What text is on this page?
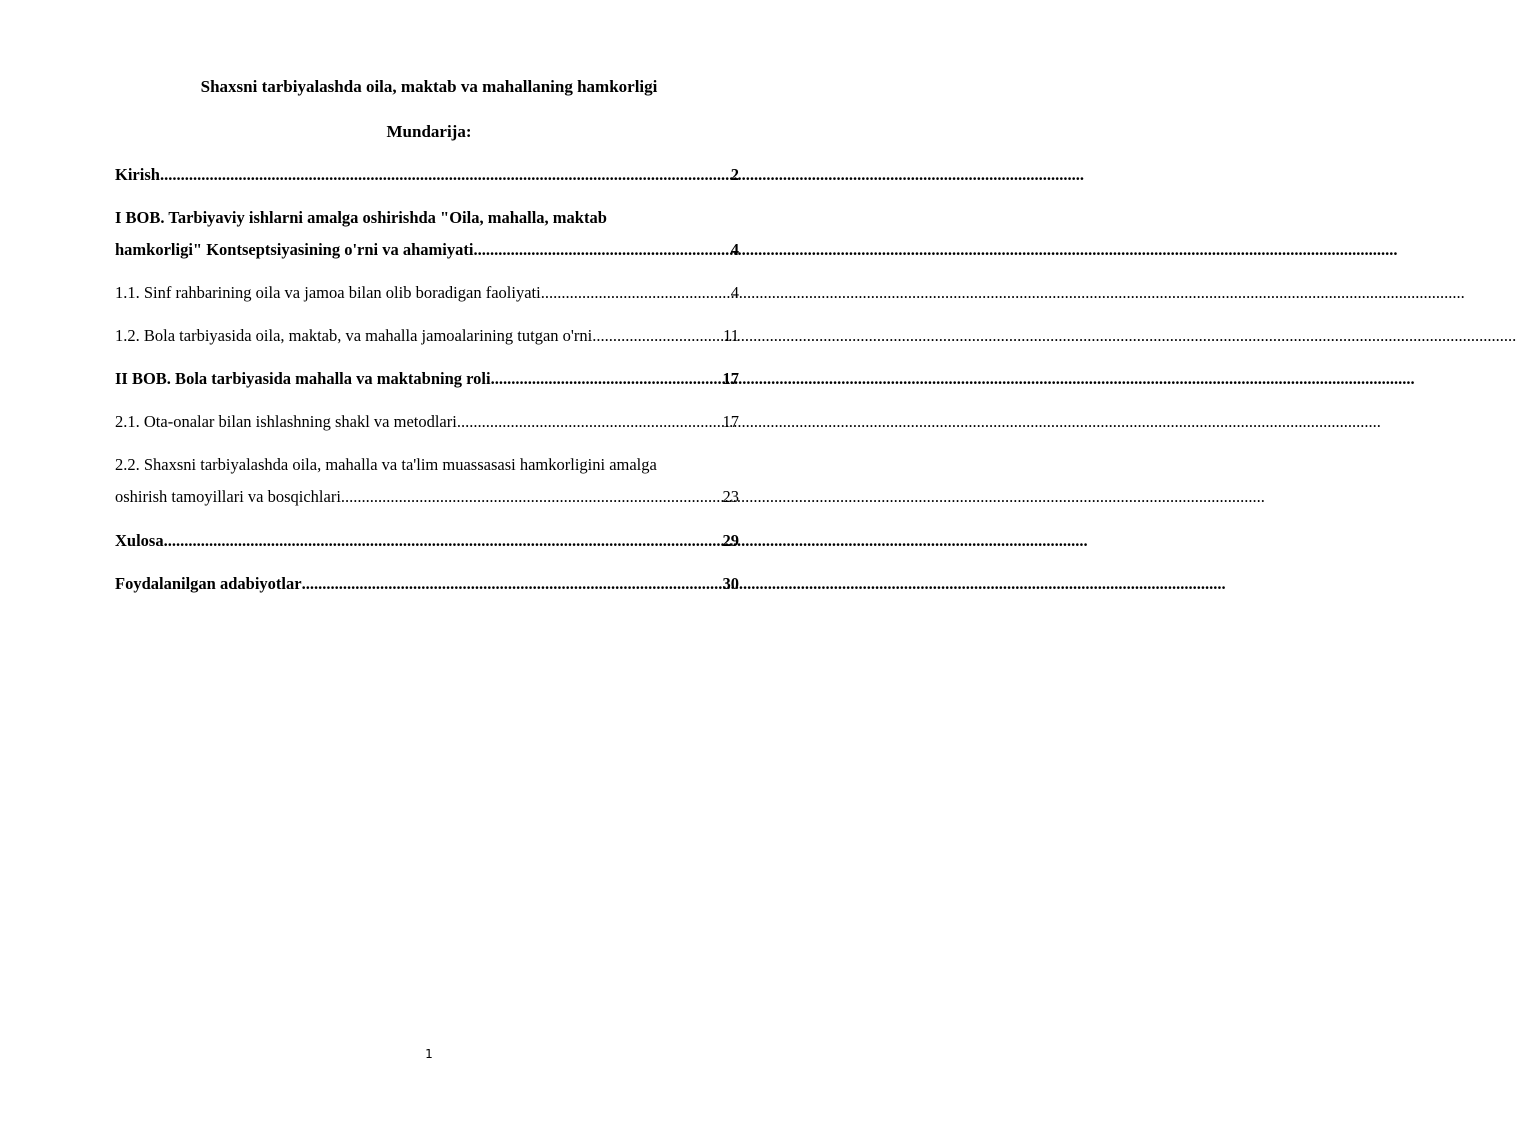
Shaxsni tarbiyalashda oila, maktab va mahallaning hamkorligi
Mundarija:
Kirish .....	2
I BOB. Tarbiyaviy ishlarni amalga oshirishda "Oila, mahalla, maktab
hamkorligi" Kontseptsiyasining o'rni va ahamiyati .....	4
1.1. Sinf rahbarining oila va jamoa bilan olib boradigan faoliyati .....	4
1.2. Bola tarbiyasida oila, maktab, va mahalla jamoalarining tutgan o'rni .....	11
II BOB. Bola tarbiyasida mahalla va maktabning roli .....	17
2.1. Ota-onalar bilan ishlashning shakl va metodlari .....	17
2.2. Shaxsni tarbiyalashda oila, mahalla va ta'lim muassasasi hamkorligini amalga
oshirish tamoyillari va bosqichlari .....	23
Xulosa .....	29
Foydalanilgan adabiyotlar .....	30
1
